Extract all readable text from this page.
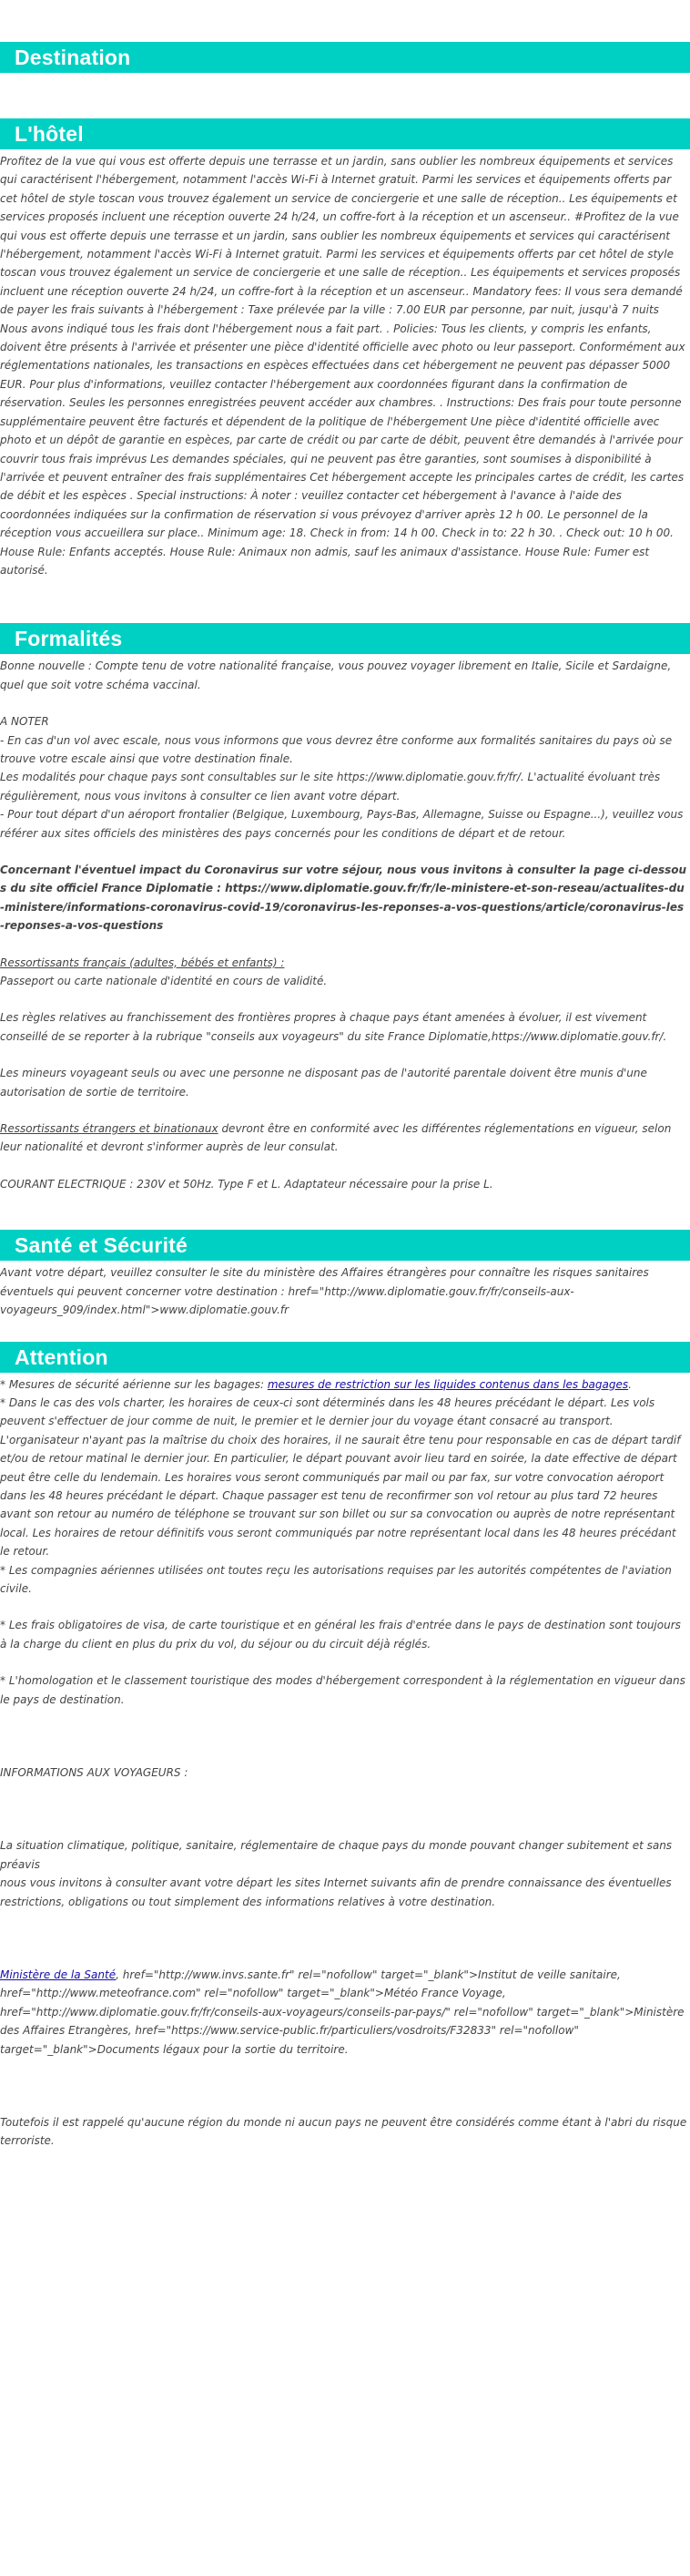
Destination
L'hôtel

Profitez de la vue qui vous est offerte depuis une terrasse et un jardin, sans oublier les nombreux équipements et services qui caractérisent l'hébergement, notamment l'accès Wi-Fi à Internet gratuit. Parmi les services et équipements offerts par cet hôtel de style toscan vous trouvez également un service de conciergerie et une salle de réception.. Les équipements et services proposés incluent une réception ouverte 24 h/24, un coffre-fort à la réception et un ascenseur.. #Profitez de la vue qui vous est offerte depuis une terrasse et un jardin, sans oublier les nombreux équipements et services qui caractérisent l'hébergement, notamment l'accès Wi-Fi à Internet gratuit. Parmi les services et équipements offerts par cet hôtel de style toscan vous trouvez également un service de conciergerie et une salle de réception.. Les équipements et services proposés incluent une réception ouverte 24 h/24, un coffre-fort à la réception et un ascenseur.. Mandatory fees: Il vous sera demandé de payer les frais suivants à l'hébergement : Taxe prélevée par la ville : 7.00 EUR par personne, par nuit, jusqu'à 7 nuits Nous avons indiqué tous les frais dont l'hébergement nous a fait part. . Policies: Tous les clients, y compris les enfants, doivent être présents à l'arrivée et présenter une pièce d'identité officielle avec photo ou leur passeport. Conformément aux réglementations nationales, les transactions en espèces effectuées dans cet hébergement ne peuvent pas dépasser 5000 EUR. Pour plus d'informations, veuillez contacter l'hébergement aux coordonnées figurant dans la confirmation de réservation. Seules les personnes enregistrées peuvent accéder aux chambres. . Instructions: Des frais pour toute personne supplémentaire peuvent être facturés et dépendent de la politique de l'hébergement Une pièce d'identité officielle avec photo et un dépôt de garantie en espèces, par carte de crédit ou par carte de débit, peuvent être demandés à l'arrivée pour couvrir tous frais imprévus Les demandes spéciales, qui ne peuvent pas être garanties, sont soumises à disponibilité à l'arrivée et peuvent entraîner des frais supplémentaires Cet hébergement accepte les principales cartes de crédit, les cartes de débit et les espèces . Special instructions: À noter : veuillez contacter cet hébergement à l'avance à l'aide des coordonnées indiquées sur la confirmation de réservation si vous prévoyez d'arriver après 12 h 00. Le personnel de la réception vous accueillera sur place.. Minimum age: 18. Check in from: 14 h 00. Check in to: 22 h 30. . Check out: 10 h 00. House Rule: Enfants acceptés. House Rule: Animaux non admis, sauf les animaux d'assistance. House Rule: Fumer est autorisé.

Formalités

Bonne nouvelle : Compte tenu de votre nationalité française, vous pouvez voyager librement en Italie, Sicile et Sardaigne, quel que soit votre schéma vaccinal.

A NOTER

- En cas d'un vol avec escale, nous vous informons que vous devrez être conforme aux formalités sanitaires du pays où se trouve votre escale ainsi que votre destination finale.

Les modalités pour chaque pays sont consultables sur le site https://www.diplomatie.gouv.fr/fr/. L'actualité évoluant très régulièrement, nous vous invitons à consulter ce lien avant votre départ.

- Pour tout départ d'un aéroport frontalier (Belgique, Luxembourg, Pays-Bas, Allemagne, Suisse ou Espagne...), veuillez vous référer aux sites officiels des ministères des pays concernés pour les conditions de départ et de retour.

Concernant l'éventuel impact du Coronavirus sur votre séjour, nous vous invitons à consulter la page ci-dessous du site officiel France Diplomatie : https://www.diplomatie.gouv.fr/fr/le-ministere-et-son-reseau/actualites-du-ministere/informations-coronavirus-covid-19/coronavirus-les-reponses-a-vos-questions/article/coronavirus-les-reponses-a-vos-questions

Ressortissants français (adultes, bébés et enfants) :

Passeport ou carte nationale d'identité en cours de validité.

Les règles relatives au franchissement des frontières propres à chaque pays étant amenées à évoluer, il est vivement conseillé de se reporter à la rubrique "conseils aux voyageurs" du site France Diplomatie,https://www.diplomatie.gouv.fr/.

Les mineurs voyageant seuls ou avec une personne ne disposant pas de l'autorité parentale doivent être munis d'une autorisation de sortie de territoire.

Ressortissants étrangers et binationaux devront être en conformité avec les différentes réglementations en vigueur, selon leur nationalité et devront s'informer auprès de leur consulat.

COURANT ELECTRIQUE : 230V et 50Hz. Type F et L. Adaptateur nécessaire pour la prise L.

Santé et Sécurité

Avant votre départ, veuillez consulter le site du ministère des Affaires étrangères pour connaître les risques sanitaires éventuels qui peuvent concerner votre destination : href="http://www.diplomatie.gouv.fr/fr/conseils-aux-voyageurs_909/index.html">www.diplomatie.gouv.fr

Attention

* Mesures de sécurité aérienne sur les bagages: mesures de restriction sur les liquides contenus dans les bagages.

* Dans le cas des vols charter, les horaires de ceux-ci sont déterminés dans les 48 heures précédant le départ. Les vols peuvent s'effectuer de jour comme de nuit, le premier et le dernier jour du voyage étant consacré au transport. L'organisateur n'ayant pas la maîtrise du choix des horaires, il ne saurait être tenu pour responsable en cas de départ tardif et/ou de retour matinal le dernier jour. En particulier, le départ pouvant avoir lieu tard en soirée, la date effective de départ peut être celle du lendemain. Les horaires vous seront communiqués par mail ou par fax, sur votre convocation aéroport dans les 48 heures précédant le départ. Chaque passager est tenu de reconfirmer son vol retour au plus tard 72 heures avant son retour au numéro de téléphone se trouvant sur son billet ou sur sa convocation ou auprès de notre représentant local. Les horaires de retour définitifs vous seront communiqués par notre représentant local dans les 48 heures précédant le retour.

* Les compagnies aériennes utilisées ont toutes reçu les autorisations requises par les autorités compétentes de l'aviation civile.

* Les frais obligatoires de visa, de carte touristique et en général les frais d'entrée dans le pays de destination sont toujours à la charge du client en plus du prix du vol, du séjour ou du circuit déjà réglés.

* L'homologation et le classement touristique des modes d'hébergement correspondent à la réglementation en vigueur dans le pays de destination.

INFORMATIONS AUX VOYAGEURS :

La situation climatique, politique, sanitaire, réglementaire de chaque pays du monde pouvant changer subitement et sans préavis

nous vous invitons à consulter avant votre départ les sites Internet suivants afin de prendre connaissance des éventuelles restrictions, obligations ou tout simplement des informations relatives à votre destination.

Ministère de la Santé, href="http://www.invs.sante.fr" rel="nofollow" target="_blank">Institut de veille sanitaire, href="http://www.meteofrance.com" rel="nofollow" target="_blank">Météo France Voyage, href="http://www.diplomatie.gouv.fr/fr/conseils-aux-voyageurs/conseils-par-pays/" rel="nofollow" target="_blank">Ministère des Affaires Etrangères, href="https://www.service-public.fr/particuliers/vosdroits/F32833" rel="nofollow" target="_blank">Documents légaux pour la sortie du territoire.

Toutefois il est rappelé qu'aucune région du monde ni aucun pays ne peuvent être considérés comme étant à l'abri du risque terroriste.
